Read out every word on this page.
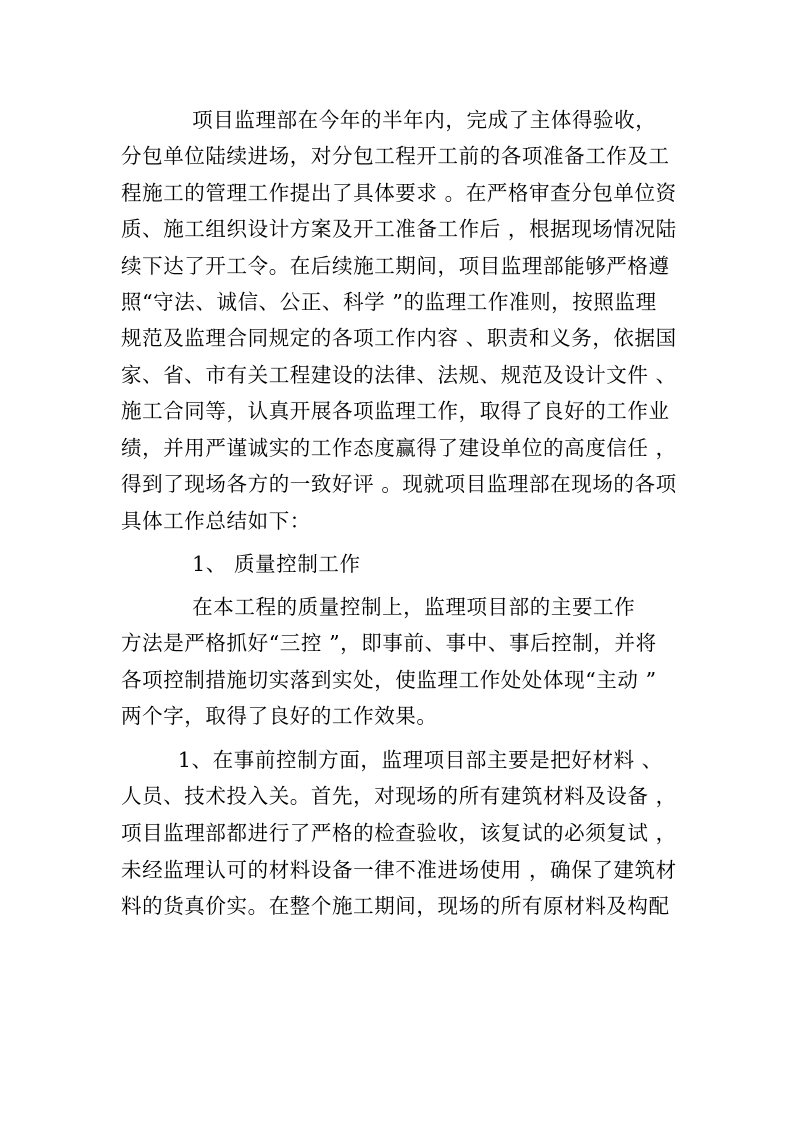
项目监理部在今年的半年内，完成了主体得验收，
分包单位陆续进场，对分包工程开工前的各项准备工作及工
程施工的管理工作提出了具体要求 。在严格审查分包单位资
质、施工组织设计方案及开工准备工作后 ，根据现场情况陆
续下达了开工令。在后续施工期间，项目监理部能够严格遵
照“守法、诚信、公正、科学 ”的监理工作准则，按照监理
规范及监理合同规定的各项工作内容 、职责和义务，依据国
家、省、市有关工程建设的法律、法规、规范及设计文件 、
施工合同等，认真开展各项监理工作，取得了良好的工作业
绩，并用严谨诚实的工作态度赢得了建设单位的高度信任 ，
得到了现场各方的一致好评 。现就项目监理部在现场的各项
具体工作总结如下：
1、 质量控制工作
在本工程的质量控制上，监理项目部的主要工作
方法是严格抓好“三控 ”，即事前、事中、事后控制，并将
各项控制措施切实落到实处，使监理工作处处体现“主动 ”
两个字，取得了良好的工作效果。
1、在事前控制方面，监理项目部主要是把好材料 、
人员、技术投入关。首先，对现场的所有建筑材料及设备 ，
项目监理部都进行了严格的检查验收，该复试的必须复试 ，
未经监理认可的材料设备一律不准进场使用 ，确保了建筑材
料的货真价实。在整个施工期间，现场的所有原材料及构配
